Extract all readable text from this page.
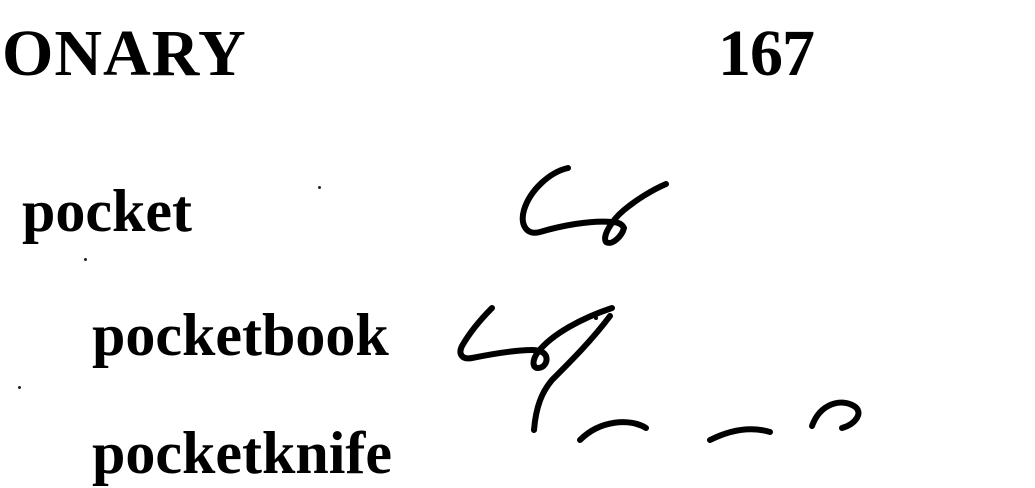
ONARY	167
pocket
pocketbook
pocketknife
